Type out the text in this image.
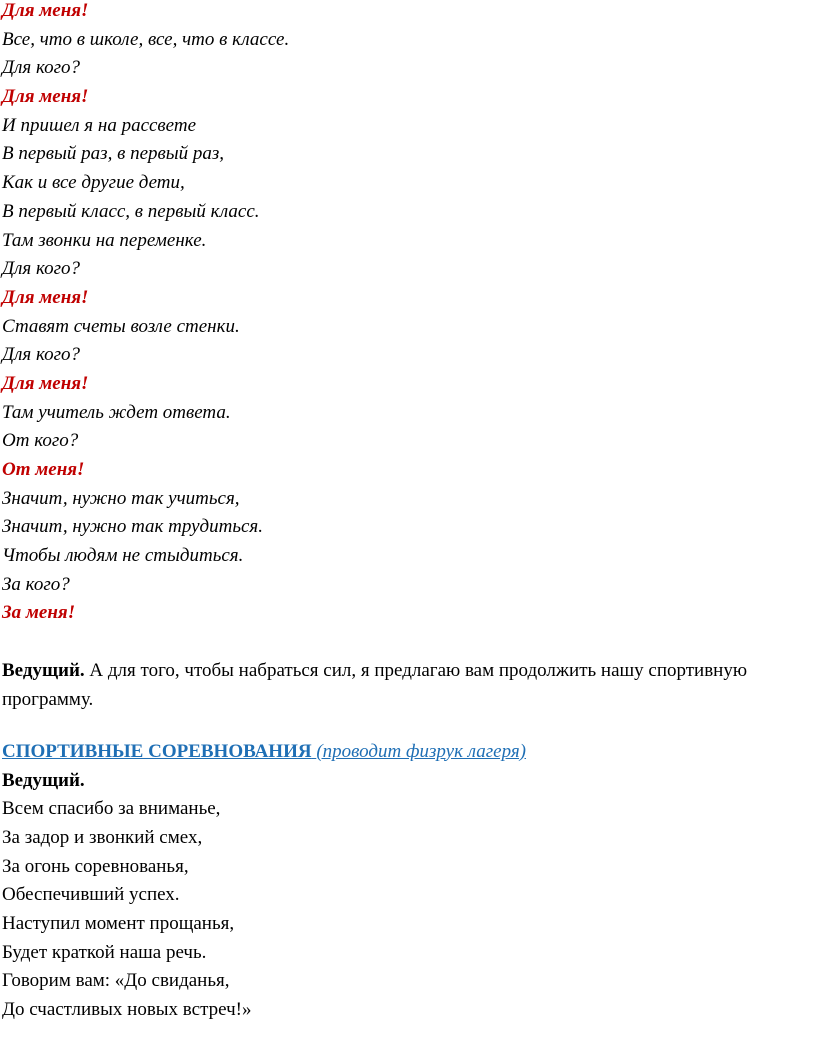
Для меня!
Все, что в школе, все, что в классе.
Для кого?
Для меня!
И пришел я на рассвете
В первый раз, в первый раз,
Как и все другие дети,
В первый класс, в первый класс.
Там звонки на переменке.
Для кого?
Для меня!
Ставят счеты возле стенки.
Для кого?
Для меня!
Там учитель ждет ответа.
От кого?
От меня!
Значит, нужно так учиться,
Значит, нужно так трудиться.
Чтобы людям не стыдиться.
За кого?
За меня!
Ведущий. А для того, чтобы набраться сил, я предлагаю вам продолжить нашу спортивную программу.
СПОРТИВНЫЕ СОРЕВНОВАНИЯ (проводит физрук лагеря)
Ведущий.
Всем спасибо за вниманье,
За задор и звонкий смех,
За огонь соревнованья,
Обеспечивший успех.
Наступил момент прощанья,
Будет краткой наша речь.
Говорим вам: «До свиданья,
До счастливых новых встреч!»
